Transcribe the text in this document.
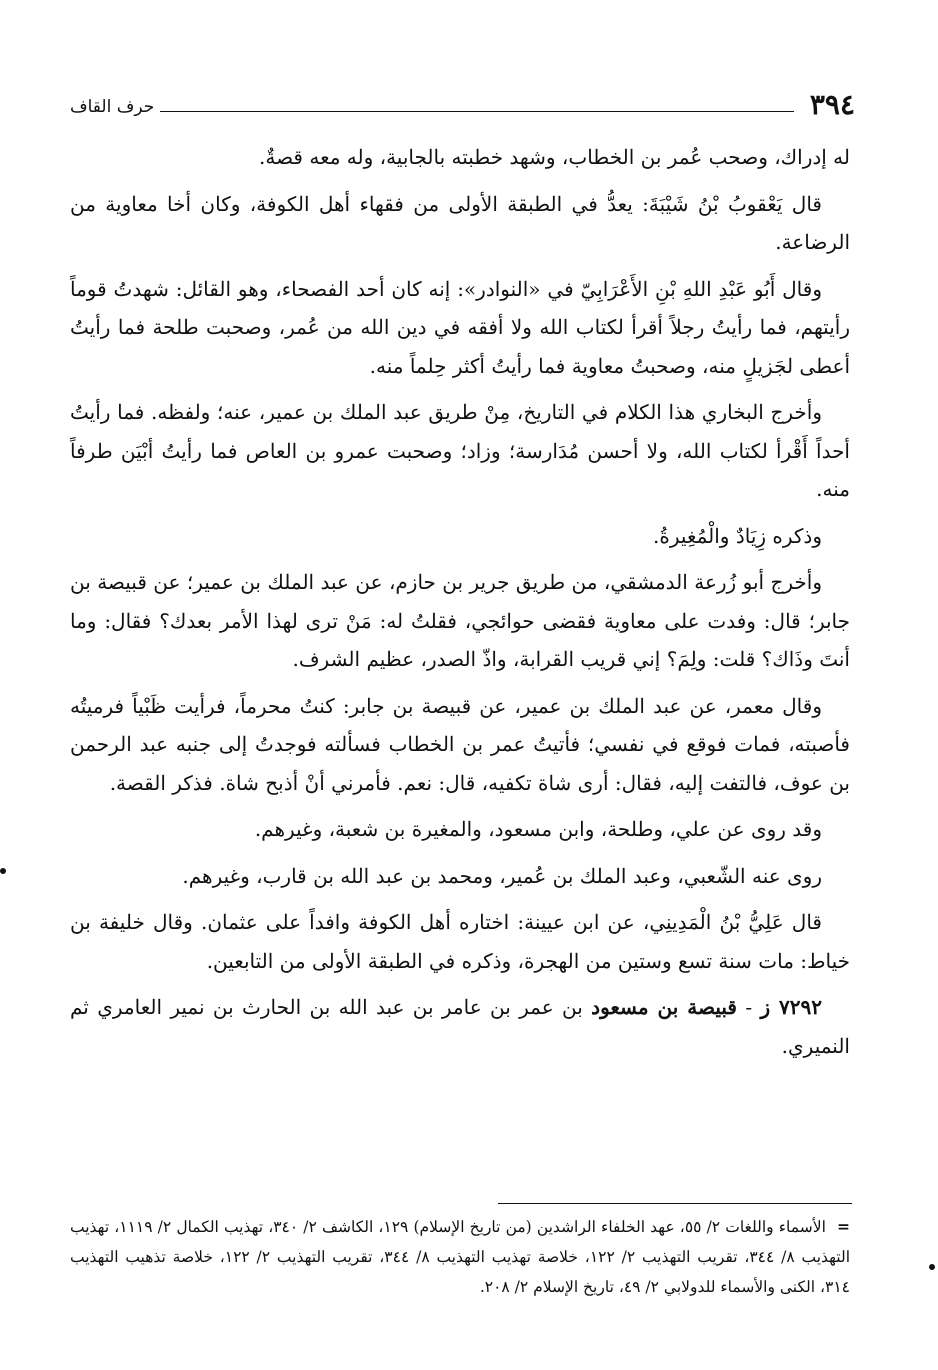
٣٩٤
حرف القاف

له إدراك، وصحب عُمر بن الخطاب، وشهد خطبته بالجابية، وله معه قصةٌ.

قال يَعْقوبُ بْنُ شَيْبَةَ: يعدُّ في الطبقة الأولى من فقهاء أهل الكوفة، وكان أخا معاوية من الرضاعة.

وقال أَبُو عَبْدِ اللهِ بْنِ الأَعْرَابِيّ في «النوادر»: إنه كان أحد الفصحاء، وهو القائل: شهدتُ قوماً رأيتهم، فما رأيتُ رجلاً أقرأ لكتاب الله ولا أفقه في دين الله من عُمر، وصحبت طلحة فما رأيتُ أعطى لجَزيلٍ منه، وصحبتُ معاوية فما رأيتُ أكثر حِلماً منه.

وأخرج البخاري هذا الكلام في التاريخ، مِنْ طريق عبد الملك بن عمير، عنه؛ ولفظه. فما رأيتُ أحداً أَقْرأ لكتاب الله، ولا أحسن مُدَارسة؛ وزاد؛ وصحبت عمرو بن العاص فما رأيتُ أبْيَن طرفاً منه.

وذكره زِيَادٌ والْمُغِيرةُ.

وأخرج أبو زُرعة الدمشقي، من طريق جرير بن حازم، عن عبد الملك بن عمير؛ عن قبيصة بن جابر؛ قال: وفدت على معاوية فقضى حوائجي، فقلتُ له: مَنْ ترى لهذا الأمر بعدك؟ فقال: وما أنتَ وذَاك؟ قلت: ولِمَ؟ إني قريب القرابة، واذّ الصدر، عظيم الشرف.

وقال معمر، عن عبد الملك بن عمير، عن قبيصة بن جابر: كنتُ محرماً، فرأيت ظَبْياً فرميتُه فأصبته، فمات فوقع في نفسي؛ فأتيتُ عمر بن الخطاب فسألته فوجدتُ إلى جنبه عبد الرحمن بن عوف، فالتفت إليه، فقال: أرى شاة تكفيه، قال: نعم. فأمرني أنْ أذبح شاة. فذكر القصة.

وقد روى عن علي، وطلحة، وابن مسعود، والمغيرة بن شعبة، وغيرهم.

روى عنه الشّعبي، وعبد الملك بن عُمير، ومحمد بن عبد الله بن قارب، وغيرهم.

قال عَلِيُّ بْنُ الْمَدِينِي، عن ابن عيينة: اختاره أهل الكوفة وافداً على عثمان. وقال خليفة بن خياط: مات سنة تسع وستين من الهجرة، وذكره في الطبقة الأولى من التابعين.

٧٢٩٢ ز - قبيصة بن مسعود بن عمر بن عامر بن عبد الله بن الحارث بن نمير العامري ثم النميري.

= الأسماء واللغات ٢/ ٥٥، عهد الخلفاء الراشدين (من تاريخ الإسلام) ١٢٩، الكاشف ٢/ ٣٤٠، تهذيب الكمال ٢/ ١١١٩، تهذيب التهذيب ٨/ ٣٤٤، تقريب التهذيب ٢/ ١٢٢، خلاصة تهذيب التهذيب ٨/ ٣٤٤، تقريب التهذيب ٢/ ١٢٢، خلاصة تذهيب التهذيب ٣١٤، الكنى والأسماء للدولابي ٢/ ٤٩، تاريخ الإسلام ٢/ ٢٠٨.
